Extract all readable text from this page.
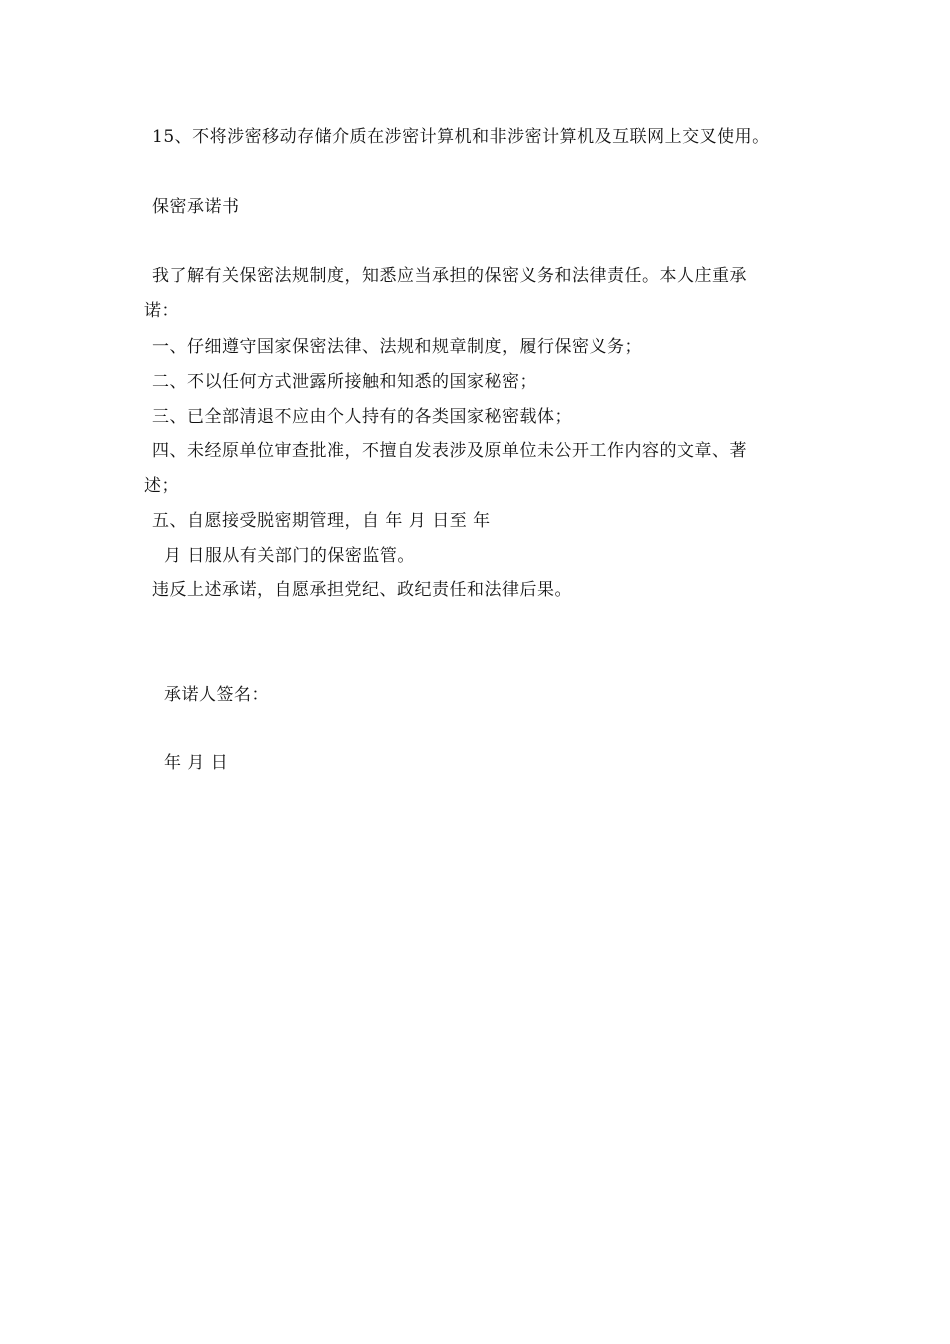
15、不将涉密移动存储介质在涉密计算机和非涉密计算机及互联网上交叉使用。
保密承诺书
我了解有关保密法规制度，知悉应当承担的保密义务和法律责任。本人庄重承
诺：
一、仔细遵守国家保密法律、法规和规章制度，履行保密义务；
二、不以任何方式泄露所接触和知悉的国家秘密；
三、已全部清退不应由个人持有的各类国家秘密载体；
四、未经原单位审查批准，不擅自发表涉及原单位未公开工作内容的文章、著
述；
五、自愿接受脱密期管理，自 年 月 日至 年
月 日服从有关部门的保密监管。
违反上述承诺，自愿承担党纪、政纪责任和法律后果。
承诺人签名：
年 月 日
